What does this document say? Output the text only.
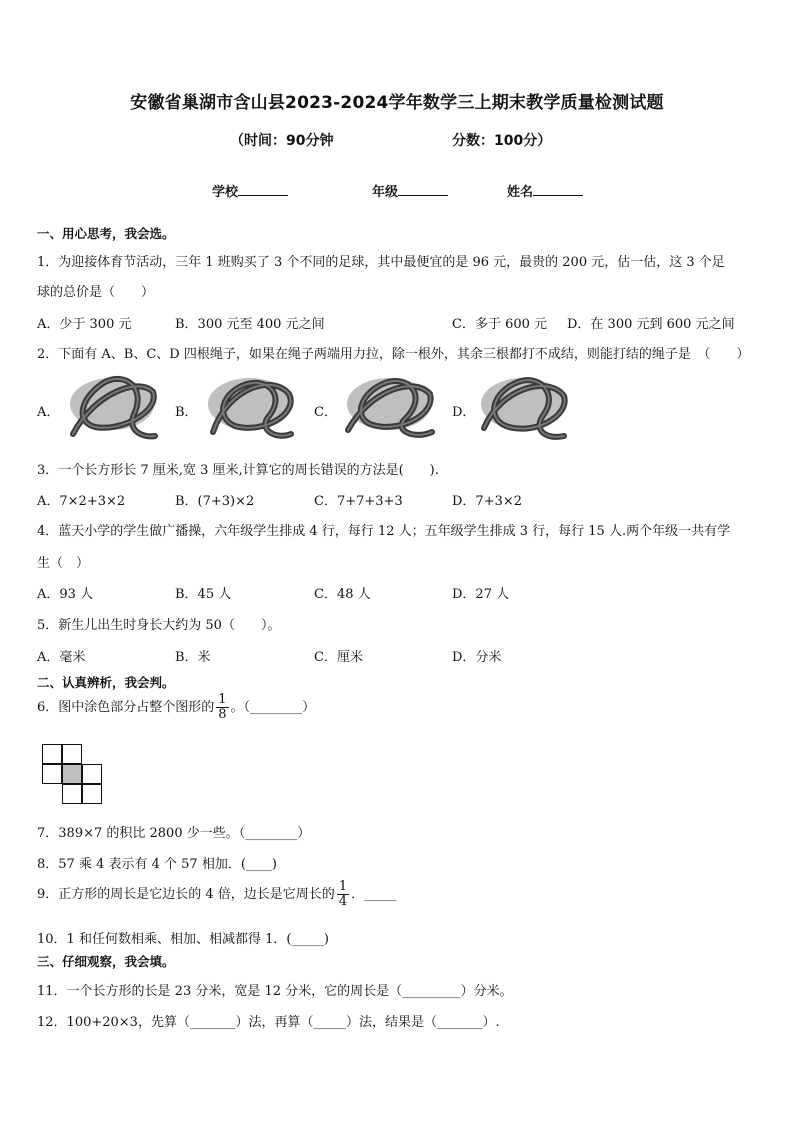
安徽省巢湖市含山县2023-2024学年数学三上期末教学质量检测试题
（时间：90分钟	分数：100分）
学校	年级	姓名
一、用心思考，我会选。
1．为迎接体育节活动，三年 1 班购买了 3 个不同的足球，其中最便宜的是 96 元，最贵的 200 元，估一估，这 3 个足
球的总价是（　　）
A．少于 300 元	B．300 元至 400 元之间	C．多于 600 元 D．在 300 元到 600 元之间
2．下面有 A、B、C、D 四根绳子，如果在绳子两端用力拉，除一根外，其余三根都打不成结，则能打结的绳子是　（　　）
A．	B．	C．	D．
3．一个长方形长 7 厘米,宽 3 厘米,计算它的周长错误的方法是(　　).
A．7×2+3×2	B．(7+3)×2	C．7+7+3+3	D．7+3×2
4．蓝天小学的学生做广播操，六年级学生排成 4 行，每行 12 人；五年级学生排成 3 行，每行 15 人.两个年级一共有学
生（　）
A．93 人	B．45 人	C．48 人	D．27 人
5．新生儿出生时身长大约为 50（　　）。
A．毫米	B．米	C．厘米	D．分米
二、认真辨析，我会判。
6．图中涂色部分占整个图形的 $\frac{1}{8}$ 。（________）
7．389×7 的积比 2800 少一些。（________）
8．57 乘 4 表示有 4 个 57 相加．(____)
9．正方形的周长是它边长的 4 倍，边长是它周长的 $\frac{1}{4}$ ．_____
10．1 和任何数相乘、相加、相减都得 1．(_____)
三、仔细观察，我会填。
11．一个长方形的长是 23 分米，宽是 12 分米，它的周长是（_________）分米。
12．100+20×3，先算（_______）法，再算（_____）法，结果是（_______）.
